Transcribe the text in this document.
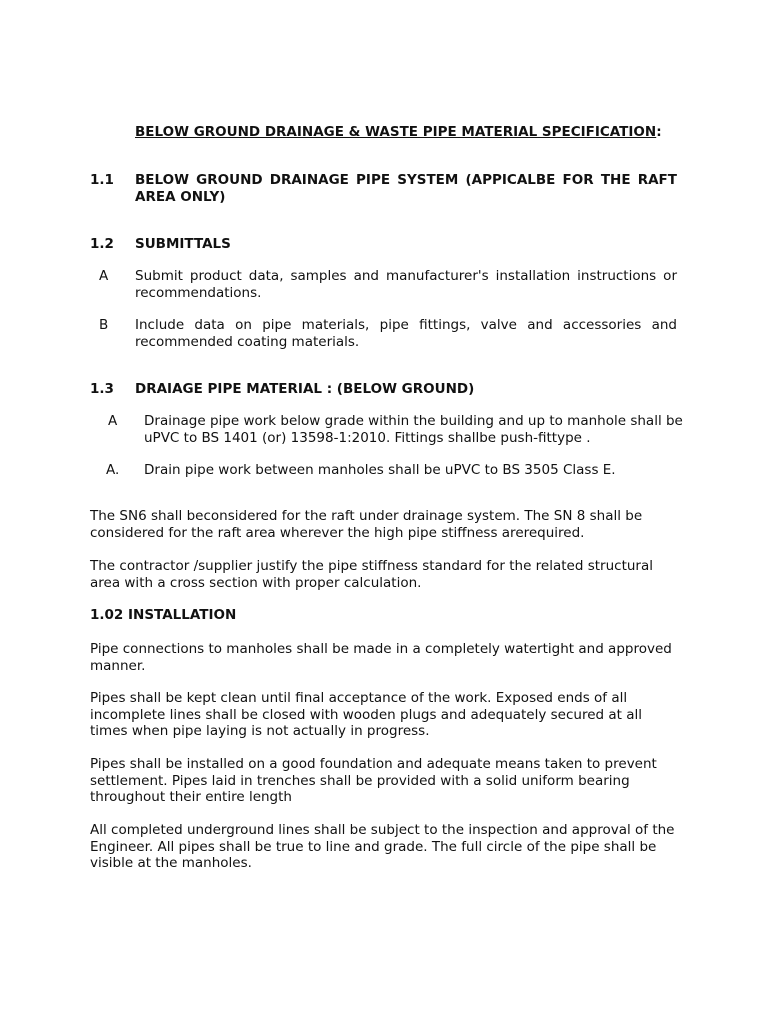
BELOW GROUND DRAINAGE & WASTE PIPE MATERIAL SPECIFICATION:
1.1 BELOW GROUND DRAINAGE PIPE SYSTEM (APPICALBE FOR THE RAFT AREA ONLY)
1.2 SUBMITTALS
A Submit product data, samples and manufacturer's installation instructions or recommendations.
B Include data on pipe materials, pipe fittings, valve and accessories and recommended coating materials.
1.3 DRAIAGE PIPE MATERIAL : (BELOW GROUND)
A Drainage pipe work below grade within the building and up to manhole shall be uPVC to BS 1401 (or) 13598-1:2010. Fittings shallbe push-fittype .
A. Drain pipe work between manholes shall be uPVC to BS 3505 Class E.
The SN6 shall beconsidered for the raft under drainage system. The SN 8 shall be considered for the raft area wherever the high pipe stiffness arerequired.
The contractor /supplier justify the pipe stiffness standard for the related structural area with a cross section with proper calculation.
1.02 INSTALLATION
Pipe connections to manholes shall be made in a completely watertight and approved manner.
Pipes shall be kept clean until final acceptance of the work. Exposed ends of all incomplete lines shall be closed with wooden plugs and adequately secured at all times when pipe laying is not actually in progress.
Pipes shall be installed on a good foundation and adequate means taken to prevent settlement. Pipes laid in trenches shall be provided with a solid uniform bearing throughout their entire length
All completed underground lines shall be subject to the inspection and approval of the Engineer. All pipes shall be true to line and grade. The full circle of the pipe shall be visible at the manholes.
